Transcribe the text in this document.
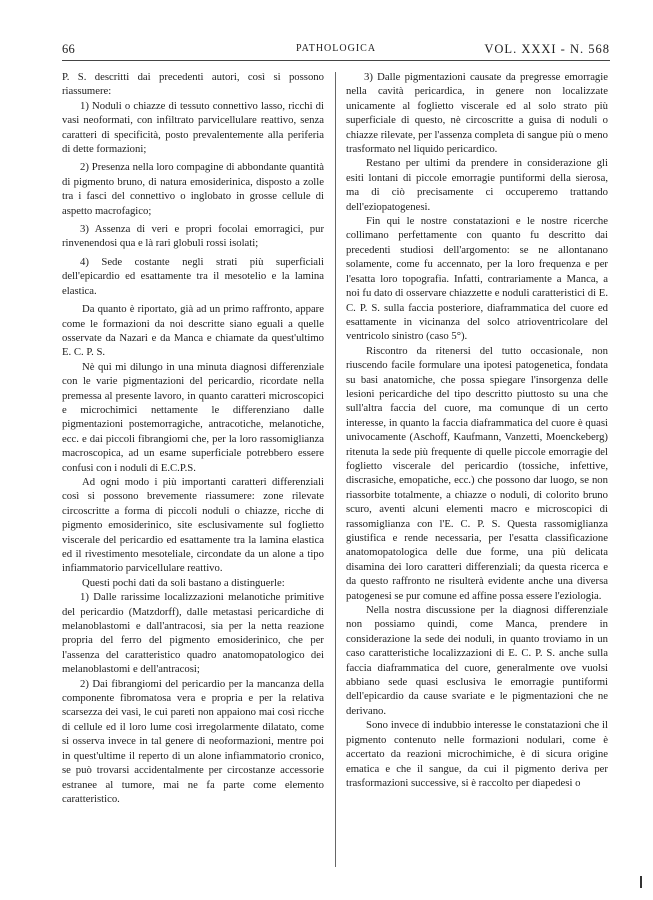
66	PATHOLOGICA	VOL. XXXI - N. 568

P. S. descritti dai precedenti autori, così si possono riassumere:

1) Noduli o chiazze di tessuto connettivo lasso, ricchi di vasi neoformati, con infiltrato parvicellulare reattivo, senza caratteri di specificità, posto prevalentemente alla periferia di dette formazioni;

2) Presenza nella loro compagine di abbondante quantità di pigmento bruno, di natura emosiderinica, disposto a zolle tra i fasci del connettivo o inglobato in grosse cellule di aspetto macrofagico;

3) Assenza di veri e propri focolai emorragici, pur rinvenendosi qua e là rari globuli rossi isolati;

4) Sede costante negli strati più superficiali dell'epicardio ed esattamente tra il mesotelio e la lamina elastica.

Da quanto è riportato, già ad un primo raffronto, appare come le formazioni da noi descritte siano eguali a quelle osservate da Nazari e da Manca e chiamate da quest'ultimo E. C. P. S.

Nè qui mi dilungo in una minuta diagnosi differenziale con le varie pigmentazioni del pericardio, ricordate nella premessa al presente lavoro, in quanto caratteri microscopici e microchimici nettamente le differenziano dalle pigmentazioni postemorragiche, antracotiche, melanotiche, ecc. e dai piccoli fibrangiomi che, per la loro rassomiglianza macroscopica, ad un esame superficiale potrebbero essere confusi con i noduli di E.C.P.S.

Ad ogni modo i più importanti caratteri differenziali così si possono brevemente riassumere: zone rilevate circoscritte a forma di piccoli noduli o chiazze, ricche di pigmento emosiderinico, site esclusivamente sul foglietto viscerale del pericardio ed esattamente tra la lamina elastica ed il rivestimento mesoteliale, circondate da un alone a tipo infiammatorio parvicellulare reattivo.

Questi pochi dati da soli bastano a distinguerle:

1) Dalle rarissime localizzazioni melanotiche primitive del pericardio (Matzdorff), dalle metastasi pericardiche di melanoblastomi e dall'antracosi, sia per la netta reazione propria del ferro del pigmento emosiderinico, che per l'assenza del caratteristico quadro anatomopatologico dei melanoblastomi e dell'antracosi;

2) Dai fibrangiomi del pericardio per la mancanza della componente fibromatosa vera e propria e per la relativa scarsezza dei vasi, le cui pareti non appaiono mai così ricche di cellule ed il loro lume così irregolarmente dilatato, come si osserva invece in tal genere di neoformazioni, mentre poi in quest'ultime il reperto di un alone infiammatorio cronico, se può trovarsi accidentalmente per circostanze accessorie estranee al tumore, mai ne fa parte come elemento caratteristico.

3) Dalle pigmentazioni causate da pregresse emorragie nella cavità pericardica, in genere non localizzate unicamente al foglietto viscerale ed al solo strato più superficiale di questo, nè circoscritte a guisa di noduli o chiazze rilevate, per l'assenza completa di sangue più o meno trasformato nel liquido pericardico.

Restano per ultimi da prendere in considerazione gli esiti lontani di piccole emorragie puntiformi della sierosa, ma di ciò precisamente ci occuperemo trattando dell'eziopatogenesi.

Fin qui le nostre constatazioni e le nostre ricerche collimano perfettamente con quanto fu descritto dai precedenti studiosi dell'argomento: se ne allontanano solamente, come fu accennato, per la loro frequenza e per l'esatta loro topografia. Infatti, contrariamente a Manca, a noi fu dato di osservare chiazzette e noduli caratteristici di E. C. P. S. sulla faccia posteriore, diaframmatica del cuore ed esattamente in vicinanza del solco atrioventricolare del ventricolo sinistro (caso 5°).

Riscontro da ritenersi del tutto occasionale, non riuscendo facile formulare una ipotesi patogenetica, fondata su basi anatomiche, che possa spiegare l'insorgenza delle lesioni pericardiche del tipo descritto piuttosto su una che sull'altra faccia del cuore, ma comunque di un certo interesse, in quanto la faccia diaframmatica del cuore è quasi univocamente (Aschoff, Kaufmann, Vanzetti, Moenckeberg) ritenuta la sede più frequente di quelle piccole emorragie del foglietto viscerale del pericardio (tossiche, infettive, discrasiche, emopatiche, ecc.) che possono dar luogo, se non riassorbite totalmente, a chiazze o noduli, di colorito bruno scuro, aventi alcuni elementi macro e microscopici di rassomiglianza con l'E. C. P. S. Questa rassomiglianza giustifica e rende necessaria, per l'esatta classificazione anatomopatologica delle due forme, una più delicata disamina dei loro caratteri differenziali; da questa ricerca e da questo raffronto ne risulterà evidente anche una diversa patogenesi se pur comune ed affine possa essere l'eziologia.

Nella nostra discussione per la diagnosi differenziale non possiamo quindi, come Manca, prendere in considerazione la sede dei noduli, in quanto troviamo in un caso caratteristiche localizzazioni di E. C. P. S. anche sulla faccia diaframmatica del cuore, generalmente ove vuolsi abbiano sede quasi esclusiva le emorragie puntiformi dell'epicardio da cause svariate e le pigmentazioni che ne derivano.

Sono invece di indubbio interesse le constatazioni che il pigmento contenuto nelle formazioni nodulari, come è accertato da reazioni microchimiche, è di sicura origine ematica e che il sangue, da cui il pigmento deriva per trasformazioni successive, si è raccolto per diapedesi o
